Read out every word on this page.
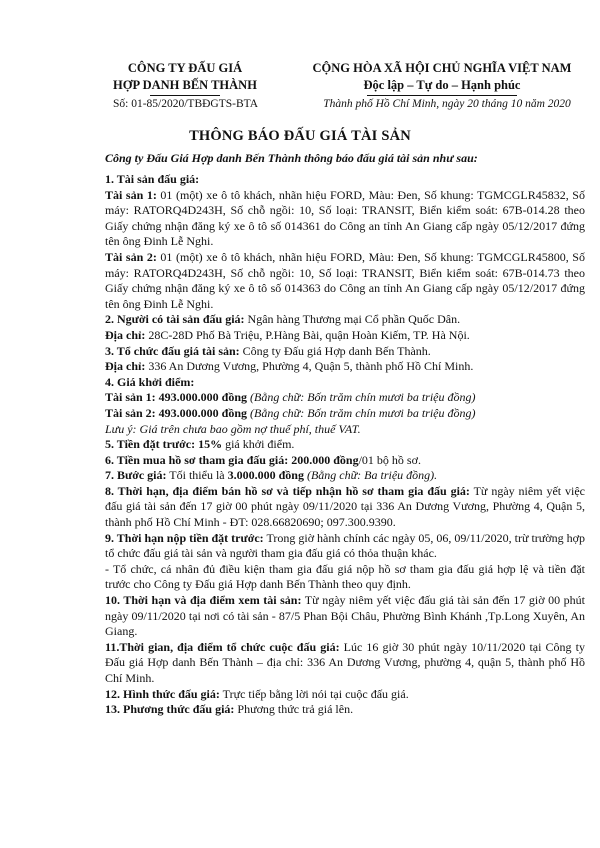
CÔNG TY ĐẤU GIÁ
HỢP DANH BẾN THÀNH
Số: 01-85/2020/TBĐGTS-BTA
CỘNG HÒA XÃ HỘI CHỦ NGHĨA VIỆT NAM
Độc lập – Tự do – Hạnh phúc
Thành phố Hồ Chí Minh, ngày 20 tháng 10 năm 2020
THÔNG BÁO ĐẤU GIÁ TÀI SẢN
Công ty Đấu Giá Hợp danh Bến Thành thông báo đấu giá tài sản như sau:

1. Tài sản đấu giá:

Tài sản 1: 01 (một) xe ô tô khách, nhãn hiệu FORD, Màu: Đen, Số khung: TGMCGLR45832, Số máy: RATORQ4D243H, Số chỗ ngồi: 10, Số loại: TRANSIT, Biển kiểm soát: 67B-014.28 theo Giấy chứng nhận đăng ký xe ô tô số 014361 do Công an tỉnh An Giang cấp ngày 05/12/2017 đứng tên ông Đinh Lễ Nghi.

Tài sản 2: 01 (một) xe ô tô khách, nhãn hiệu FORD, Màu: Đen, Số khung: TGMCGLR45800, Số máy: RATORQ4D243H, Số chỗ ngồi: 10, Số loại: TRANSIT, Biển kiểm soát: 67B-014.73 theo Giấy chứng nhận đăng ký xe ô tô số 014363 do Công an tỉnh An Giang cấp ngày 05/12/2017 đứng tên ông Đinh Lễ Nghi.

2. Người có tài sản đấu giá: Ngân hàng Thương mại Cổ phần Quốc Dân.

Địa chỉ: 28C-28D Phố Bà Triệu, P.Hàng Bài, quận Hoàn Kiếm, TP. Hà Nội.

3. Tổ chức đấu giá tài sản: Công ty Đấu giá Hợp danh Bến Thành.

Địa chỉ: 336 An Dương Vương, Phường 4, Quận 5, thành phố Hồ Chí Minh.

4. Giá khởi điểm:

Tài sản 1: 493.000.000 đồng (Bằng chữ: Bốn trăm chín mươi ba triệu đồng)

Tài sản 2: 493.000.000 đồng (Bằng chữ: Bốn trăm chín mươi ba triệu đồng)

Lưu ý: Giá trên chưa bao gồm nợ thuế phí, thuế VAT.

5. Tiền đặt trước: 15% giá khởi điểm.

6. Tiền mua hồ sơ tham gia đấu giá: 200.000 đồng/01 bộ hồ sơ.

7. Bước giá: Tối thiểu là 3.000.000 đồng (Bằng chữ: Ba triệu đồng).

8. Thời hạn, địa điểm bán hồ sơ và tiếp nhận hồ sơ tham gia đấu giá: Từ ngày niêm yết việc đấu giá tài sản đến 17 giờ 00 phút ngày 09/11/2020 tại 336 An Dương Vương, Phường 4, Quận 5, thành phố Hồ Chí Minh - ĐT: 028.66820690; 097.300.9390.

9. Thời hạn nộp tiền đặt trước: Trong giờ hành chính các ngày 05, 06, 09/11/2020, trừ trường hợp tổ chức đấu giá tài sản và người tham gia đấu giá có thỏa thuận khác.

- Tổ chức, cá nhân đủ điều kiện tham gia đấu giá nộp hồ sơ tham gia đấu giá hợp lệ và tiền đặt trước cho Công ty Đấu giá Hợp danh Bến Thành theo quy định.

10. Thời hạn và địa điểm xem tài sản: Từ ngày niêm yết việc đấu giá tài sản đến 17 giờ 00 phút ngày 09/11/2020 tại nơi có tài sản - 87/5 Phan Bội Châu, Phường Bình Khánh ,Tp.Long Xuyên, An Giang.

11.Thời gian, địa điểm tổ chức cuộc đấu giá: Lúc 16 giờ 30 phút ngày 10/11/2020 tại Công ty Đấu giá Hợp danh Bến Thành – địa chỉ: 336 An Dương Vương, phường 4, quận 5, thành phố Hồ Chí Minh.

12. Hình thức đấu giá: Trực tiếp bằng lời nói tại cuộc đấu giá.

13. Phương thức đấu giá: Phương thức trả giá lên.
